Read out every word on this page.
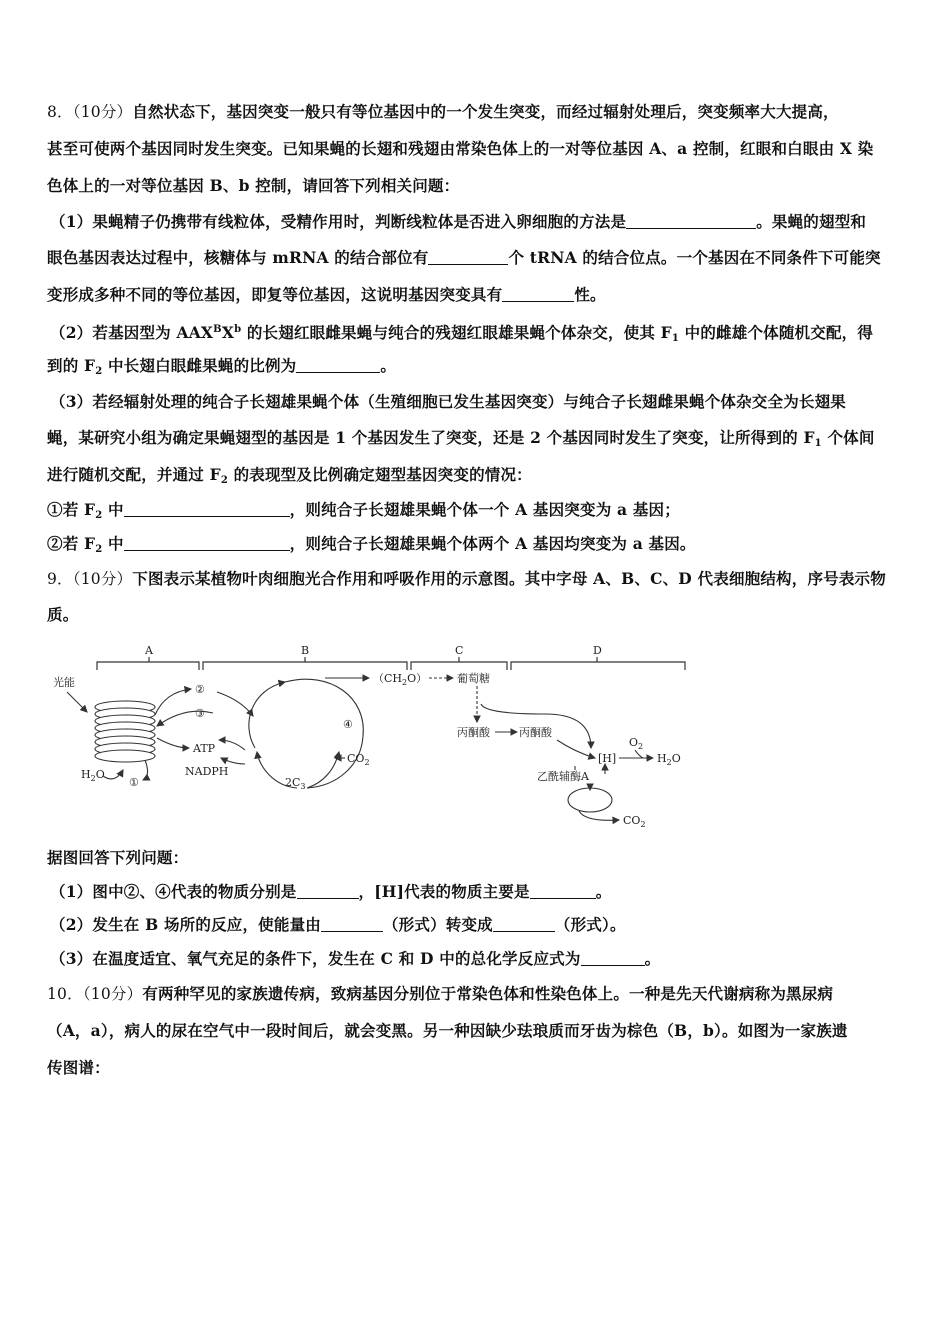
8．（10分）自然状态下，基因突变一般只有等位基因中的一个发生突变，而经过辐射处理后，突变频率大大提高，
甚至可使两个基因同时发生突变。已知果蝇的长翅和残翅由常染色体上的一对等位基因 A、a 控制，红眼和白眼由 X 染
色体上的一对等位基因 B、b 控制，请回答下列相关问题：
（1）果蝇精子仍携带有线粒体，受精作用时，判断线粒体是否进入卵细胞的方法是	。果蝇的翅型和
眼色基因表达过程中，核糖体与 mRNA 的结合部位有	个 tRNA 的结合位点。一个基因在不同条件下可能突
变形成多种不同的等位基因，即复等位基因，这说明基因突变具有	性。
（2）若基因型为 $AAX^BX^b$ 的长翅红眼雌果蝇与纯合的残翅红眼雄果蝇个体杂交，使其 $F_1$ 中的雌雄个体随机交配，得
到的 $F_2$ 中长翅白眼雌果蝇的比例为	。
（3）若经辐射处理的纯合子长翅雄果蝇个体（生殖细胞已发生基因突变）与纯合子长翅雌果蝇个体杂交全为长翅果
蝇，某研究小组为确定果蝇翅型的基因是 1 个基因发生了突变，还是 2 个基因同时发生了突变，让所得到的 $F_1$ 个体间
进行随机交配，并通过 $F_2$ 的表现型及比例确定翅型基因突变的情况：
①若 $F_2$ 中	，则纯合子长翅雄果蝇个体一个 A 基因突变为 a 基因；
②若 $F_2$ 中	，则纯合子长翅雄果蝇个体两个 A 基因均突变为 a 基因。
9．（10分）下图表示某植物叶肉细胞光合作用和呼吸作用的示意图。其中字母 A、B、C、D 代表细胞结构，序号表示物
质。
A	B	C	D
光能
$H_2O$
①
②
③
ATP
NADPH
④
$CO_2$
$2C_3$
$(CH_2O)$	葡萄糖
丙酮酸	丙酮酸
[H]
$O_2$
$H_2O$
乙酰辅酶A
$CO_2$
据图回答下列问题：
（1）图中②、④代表的物质分别是	，[H]代表的物质主要是	。
（2）发生在 B 场所的反应，使能量由	（形式）转变成	（形式）。
（3）在温度适宜、氧气充足的条件下，发生在 C 和 D 中的总化学反应式为	。
10．（10分）有两种罕见的家族遗传病，致病基因分别位于常染色体和性染色体上。一种是先天代谢病称为黑尿病
（A，a），病人的尿在空气中一段时间后，就会变黑。另一种因缺少珐琅质而牙齿为棕色（B，b）。如图为一家族遗
传图谱：
